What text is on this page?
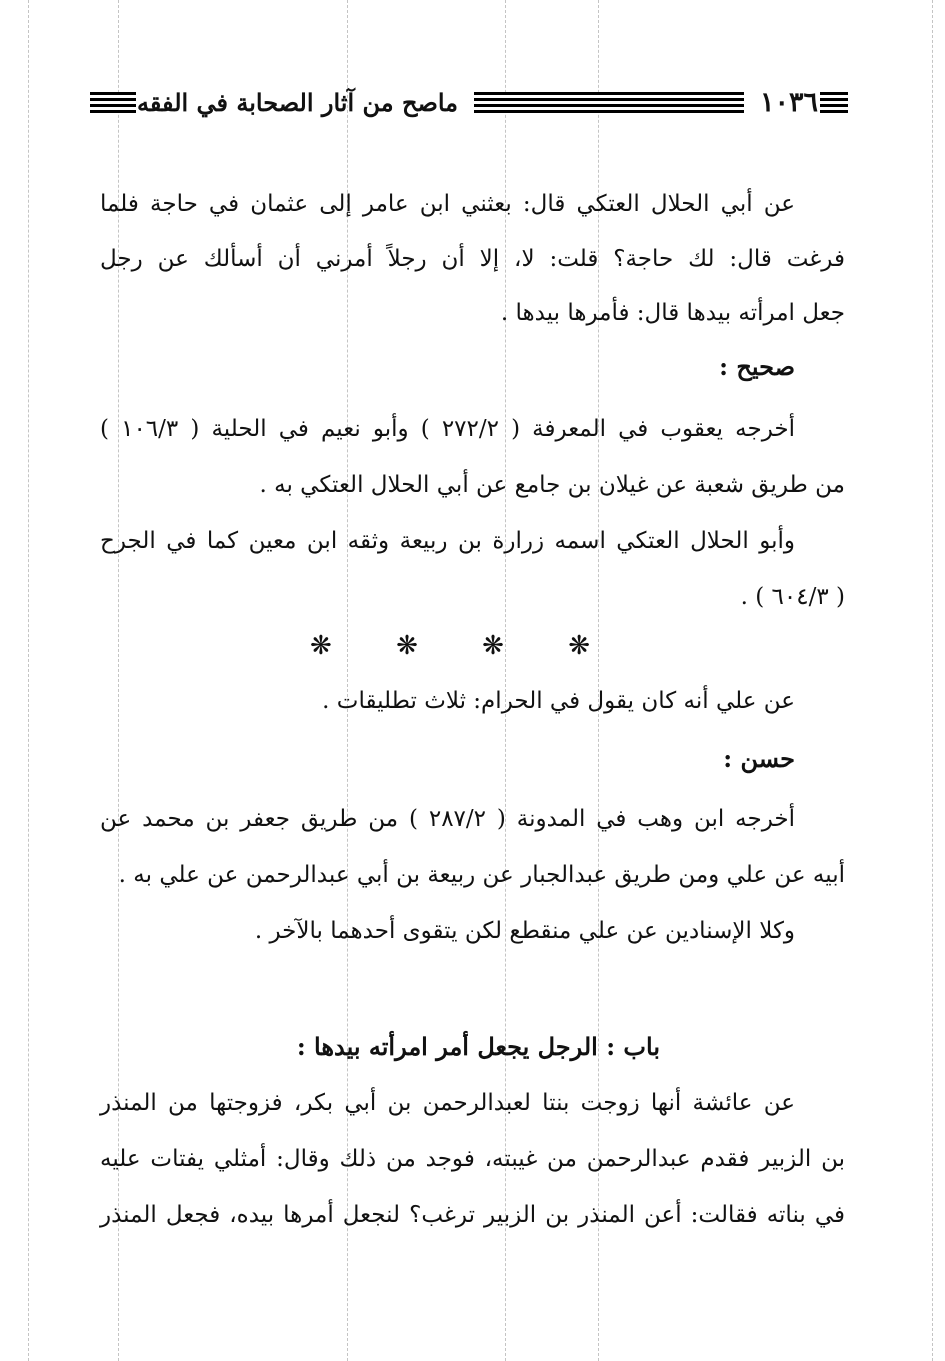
١٠٣٦
ماصح من آثار الصحابة في الفقه
عن أبي الحلال العتكي قال: بعثني ابن عامر إلى عثمان في حاجة فلما
فرغت قال: لك حاجة؟ قلت: لا، إلا أن رجلاً أمرني أن أسألك عن رجل
جعل امرأته بيدها قال: فأمرها بيدها .
صحيح :
أخرجه يعقوب في المعرفة ( ٢٧٢/٢ ) وأبو نعيم في الحلية ( ١٠٦/٣ )
من طريق شعبة عن غيلان بن جامع عن أبي الحلال العتكي به .
وأبو الحلال العتكي اسمه زرارة بن ربيعة وثقه ابن معين كما في الجرح
( ٦٠٤/٣ ) .
❋ ❋ ❋ ❋
عن علي أنه كان يقول في الحرام: ثلاث تطليقات .
حسن :
أخرجه ابن وهب في المدونة ( ٢٨٧/٢ ) من طريق جعفر بن محمد عن
أبيه عن علي ومن طريق عبدالجبار عن ربيعة بن أبي عبدالرحمن عن علي به .
وكلا الإسنادين عن علي منقطع لكن يتقوى أحدهما بالآخر .
باب : الرجل يجعل أمر امرأته بيدها :
عن عائشة أنها زوجت بنتا لعبدالرحمن بن أبي بكر، فزوجتها من المنذر
بن الزبير فقدم عبدالرحمن من غيبته، فوجد من ذلك وقال: أمثلي يفتات عليه
في بناته فقالت: أعن المنذر بن الزبير ترغب؟ لنجعل أمرها بيده، فجعل المنذر
